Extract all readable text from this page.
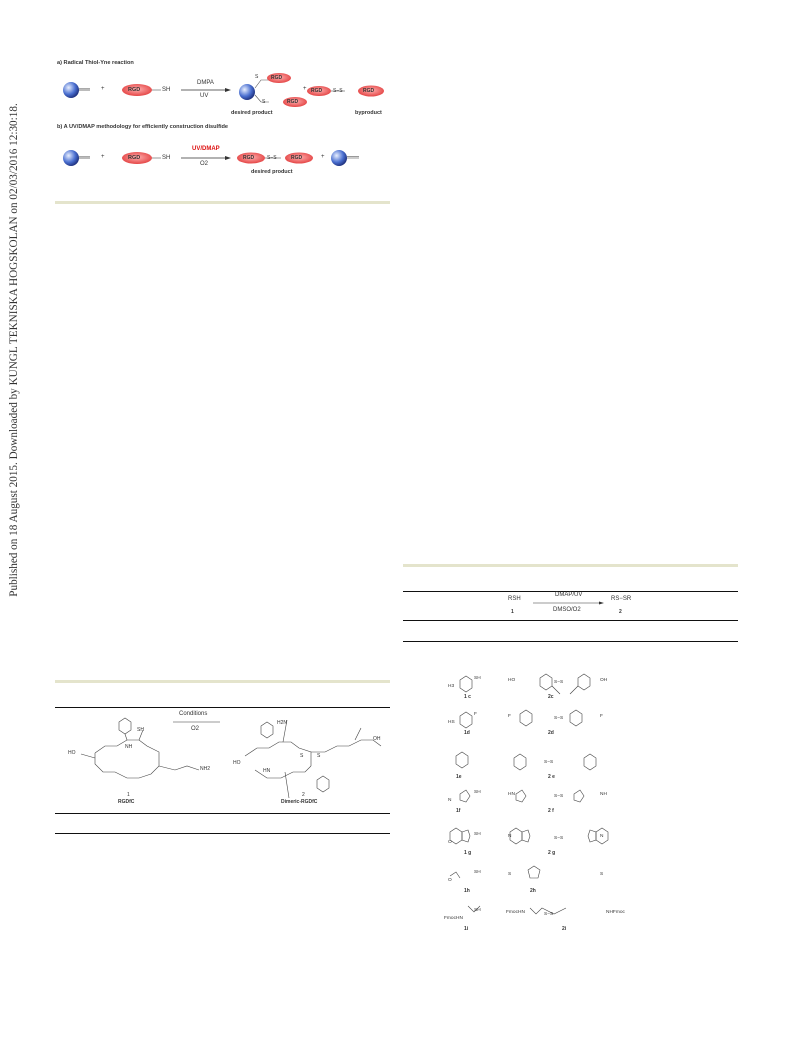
Published on 18 August 2015. Downloaded by KUNGL TEKNISKA HOGSKOLAN on 02/03/2016 12:30:18.
a) Radical Thiol-Yne reaction
+	RGD	SH
DMPA
UV
S
S
RGD
RGD
+ RGD S−S	RGD
desired product	byproduct
b) A UV/DMAP methodology for efficiently construction disulfide
+	RGD	SH
UV/DMAP
O2
RGD	S−S	RGD	+
desired product
SH
HO
NH
NH2
Conditions
O2
H2N
S	S
HO
OH
HN
1
RGDfC
2
Dimeric-RGDfC
RSH
DMAP/UV
DMSO/O2
RS−SR
1	2
1 c	2c
S−S
SH
H3
HO	OH
1d	2d
S−S
F
HS
F	F
1e	2 e
S−S
1f	2 f
S−S
SH
N
HN	NH
1 g	2 g
S−S
SH
O
N	N
1h	2h
SH
O
S	S
1i	2i
S−S
SH
FmocHN
FmocHN	NHFmoc
